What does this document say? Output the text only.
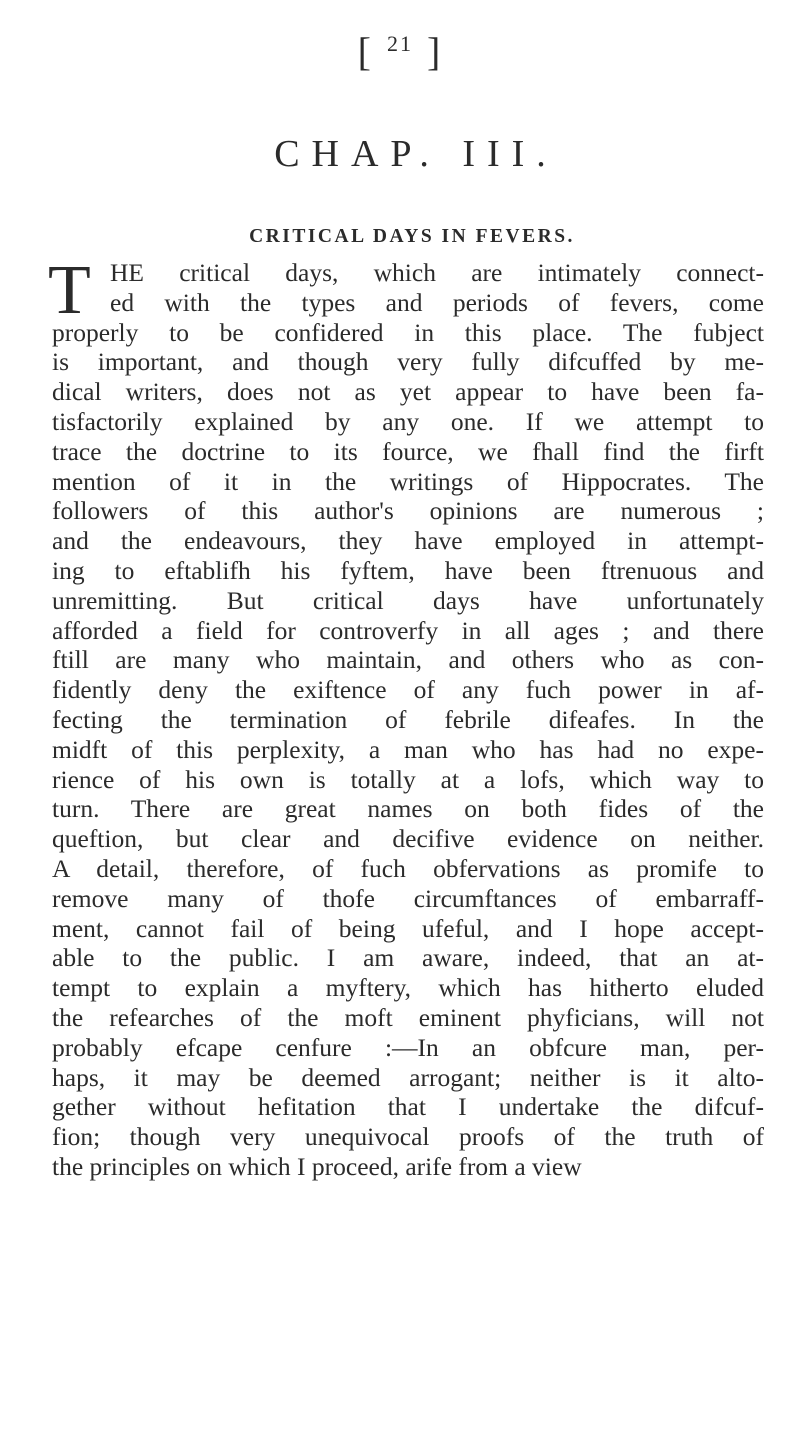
[ $^{21}$ ]
CHAP. III.
CRITICAL DAYS IN FEVERS.
T HE critical days, which are intimately connect-
ed with the types and periods of fevers, come
properly to be confidered in this place. The fubject
is important, and though very fully difcuffed by me-
dical writers, does not as yet appear to have been fa-
tisfactorily explained by any one. If we attempt to
trace the doctrine to its fource, we fhall find the firft
mention of it in the writings of Hippocrates. The
followers of this author's opinions are numerous ;
and the endeavours, they have employed in attempt-
ing to eftablifh his fyftem, have been ftrenuous and
unremitting. But critical days have unfortunately
afforded a field for controverfy in all ages ; and there
ftill are many who maintain, and others who as con-
fidently deny the exiftence of any fuch power in af-
fecting the termination of febrile difeafes. In the
midft of this perplexity, a man who has had no expe-
rience of his own is totally at a lofs, which way to
turn. There are great names on both fides of the
queftion, but clear and decifive evidence on neither.
A detail, therefore, of fuch obfervations as promife to
remove many of thofe circumftances of embarraff-
ment, cannot fail of being ufeful, and I hope accept-
able to the public. I am aware, indeed, that an at-
tempt to explain a myftery, which has hitherto eluded
the refearches of the moft eminent phyficians, will not
probably efcape cenfure :—In an obfcure man, per-
haps, it may be deemed arrogant; neither is it alto-
gether without hefitation that I undertake the difcuf-
fion; though very unequivocal proofs of the truth of
the principles on which I proceed, arife from a view
